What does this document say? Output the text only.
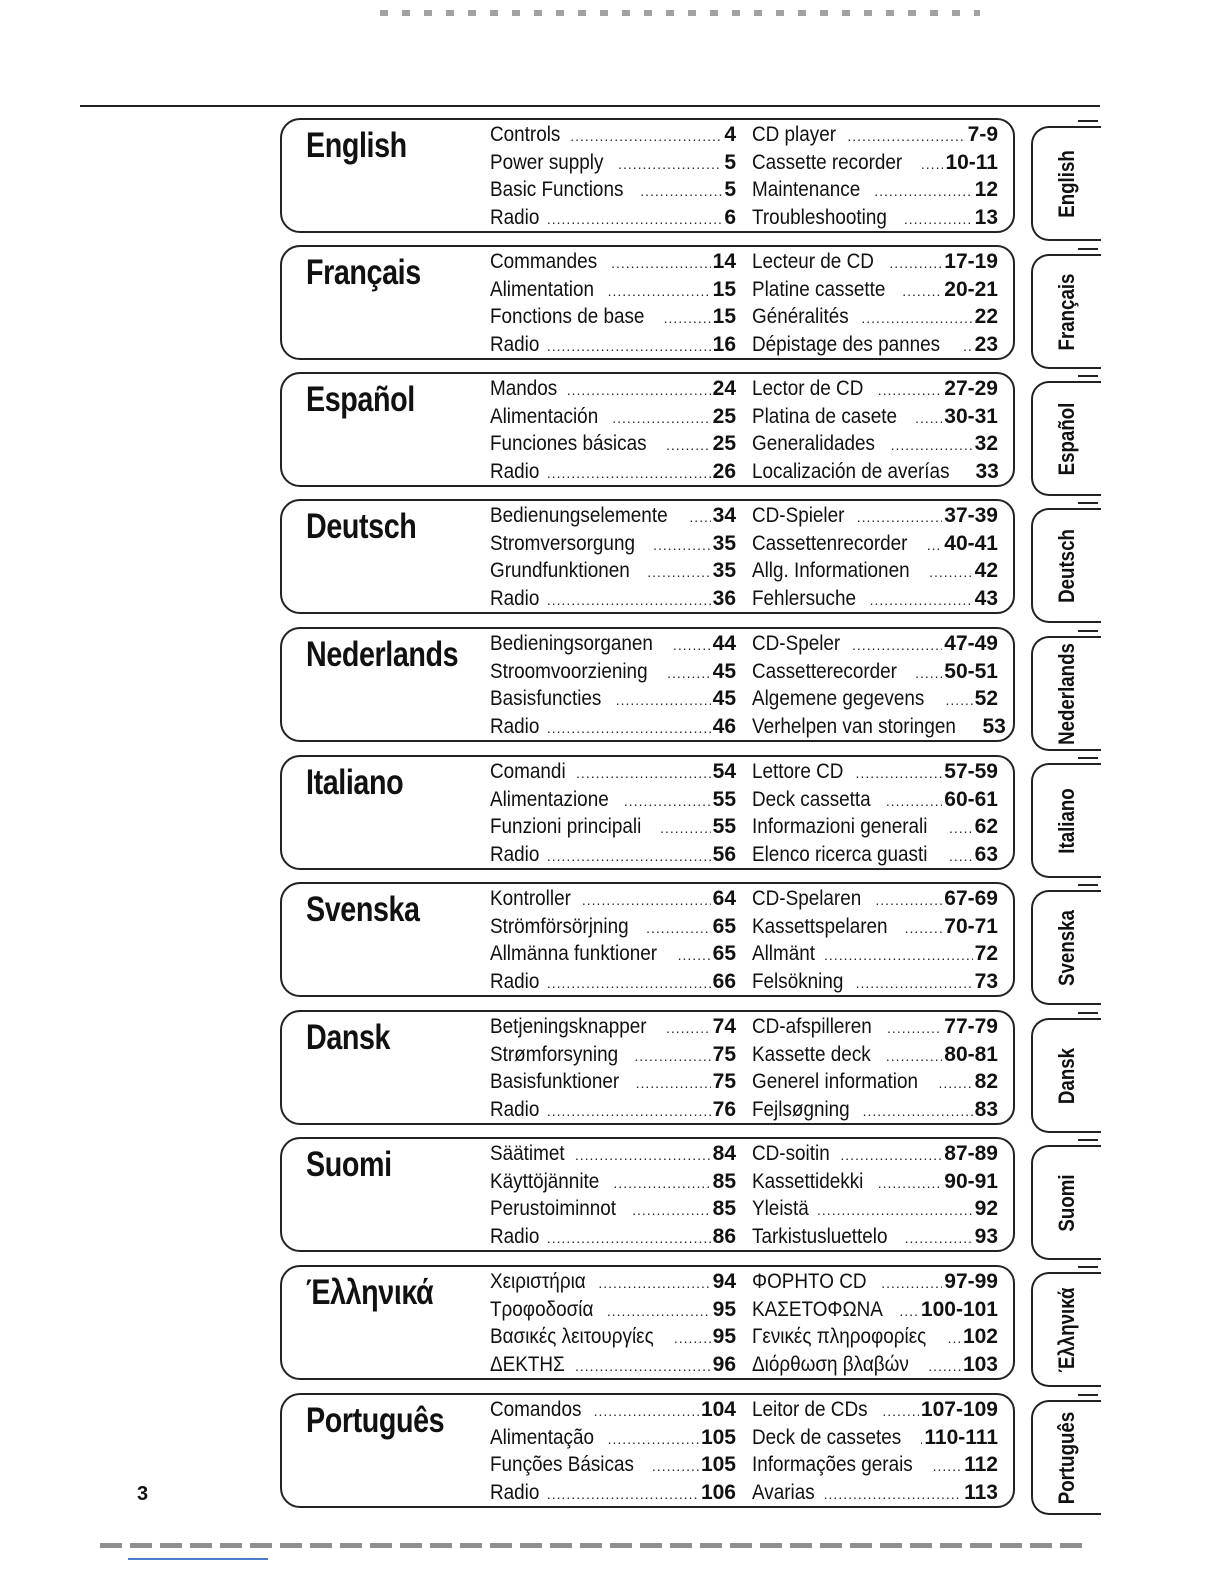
English	Controls .....	4
Power supply .....	5
Basic Functions .....	5
Radio .....	6
CD player .....	7-9
Cassette recorder ..... 10-11
Maintenance .....	12
Troubleshooting .....	13
Français	Commandes .....	14
Alimentation .....	15
Fonctions de base .....	15
Radio .....	16
Lecteur de CD .....	17-19
Platine cassette .....	20-21
Généralités .....	22
Dépistage des pannes ..... 23
Español	Mandos .....	24
Alimentación .....	25
Funciones básicas .....	25
Radio .....	26
Lector de CD .....	27-29
Platina de casete ..... 30-31
Generalidades .....	32
Localización de averías 33
Deutsch	Bedienungselemente ..... 34
Stromversorgung .....	35
Grundfunktionen .....	35
Radio .....	36
CD-Spieler .....	37-39
Cassettenrecorder ..... 40-41
Allg. Informationen .....	42
Fehlersuche .....	43
Nederlands Bedieningsorganen .....	44
Stroomvoorziening .....	45
Basisfuncties .....	45
Radio .....	46
CD-Speler .....	47-49
Cassetterecorder ..... 50-51
Algemene gegevens ..... 52
Verhelpen van storingen 53
Italiano	Comandi .....	54
Alimentazione .....	55
Funzioni principali .....	55
Radio .....	56
Lettore CD .....	57-59
Deck cassetta .....	60-61
Informazioni generali ..... 62
Elenco ricerca guasti ..... 63
Svenska	Kontroller .....	64
Strömförsörjning .....	65
Allmänna funktioner .....	65
Radio .....	66
CD-Spelaren .....	67-69
Kassettspelaren .....	70-71
Allmänt .....	72
Felsökning .....	73
Dansk	Betjeningsknapper .....	74
Strømforsyning .....	75
Basisfunktioner .....	75
Radio .....	76
CD-afspilleren .....	77-79
Kassette deck .....	80-81
Generel information .....	82
Fejlsøgning .....	83
Suomi	Säätimet .....	84
Käyttöjännite .....	85
Perustoiminnot .....	85
Radio .....	86
CD-soitin .....	87-89
Kassettidekki .....	90-91
Yleistä .....	92
Tarkistusluettelo .....	93
Έλληνικά	Χειριστήρια .....	94
Τροφοδοσία .....	95
Βασικές λειτουργίες .....	95
ΔΕΚΤΗΣ .....	96
ΦΟΡΗΤΟ CD .....	97-99
ΚΑΣΕΤΟΦΩΝΑ ..... 100-101
Γενικές πληροφορίες ..... 102
Διόρθωση βλαβών .....	103
Português Comandos .....	104
Alimentação .....	105
Funções Básicas .....	105
Radio .....	106
Leitor de CDs .....	107-109
Deck de cassetes ..... 110-111
Informações gerais ..... 112
Avarias .....	113
English
Français
Español
Deutsch
Nederlands
Italiano
Svenska
Dansk
Suomi
Έλληνικά
Português
3
